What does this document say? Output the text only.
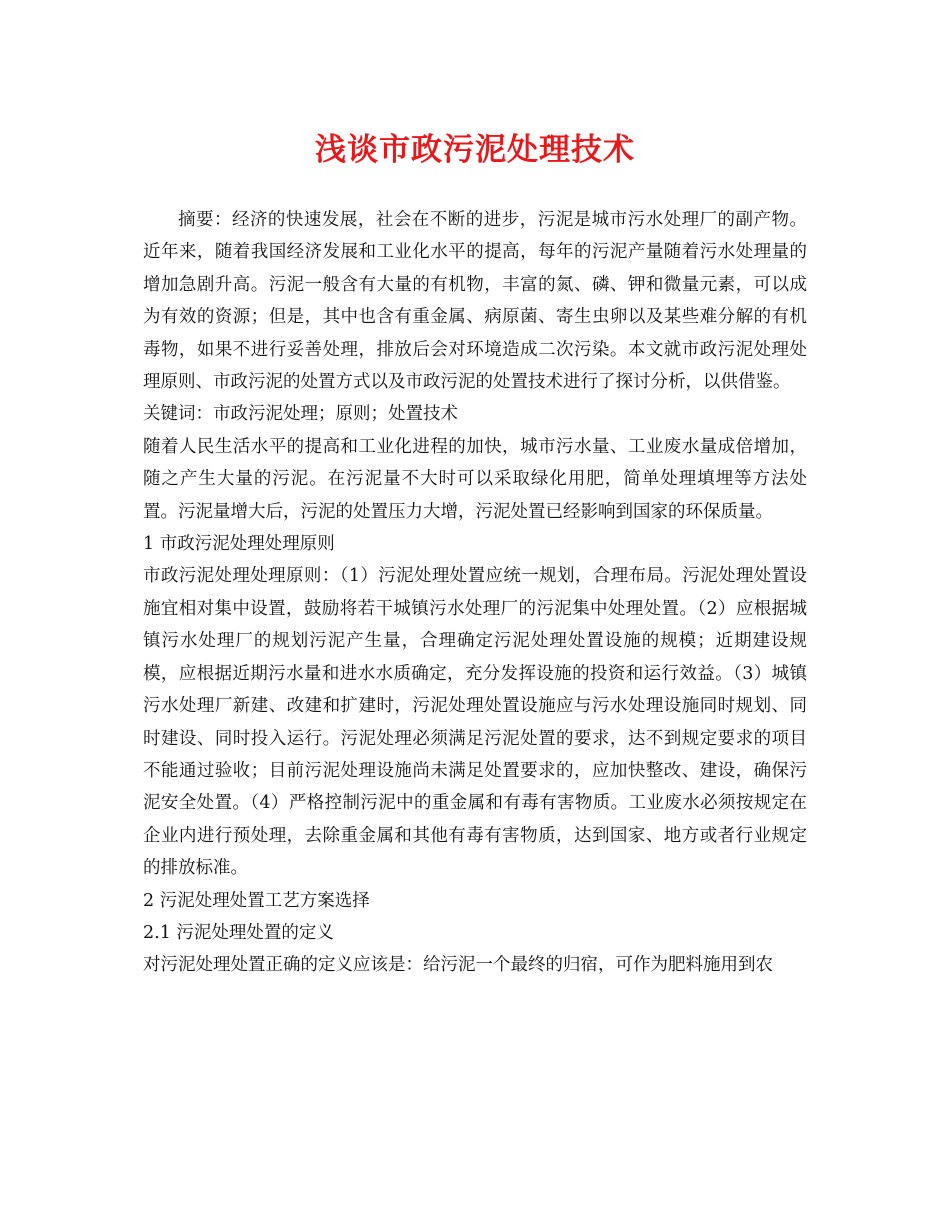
浅谈市政污泥处理技术

摘要：经济的快速发展，社会在不断的进步，污泥是城市污水处理厂的副产物。近年来，随着我国经济发展和工业化水平的提高，每年的污泥产量随着污水处理量的增加急剧升高。污泥一般含有大量的有机物，丰富的氮、磷、钾和微量元素，可以成为有效的资源；但是，其中也含有重金属、病原菌、寄生虫卵以及某些难分解的有机毒物，如果不进行妥善处理，排放后会对环境造成二次污染。本文就市政污泥处理处理原则、市政污泥的处置方式以及市政污泥的处置技术进行了探讨分析，以供借鉴。

关键词：市政污泥处理；原则；处置技术

随着人民生活水平的提高和工业化进程的加快，城市污水量、工业废水量成倍增加，随之产生大量的污泥。在污泥量不大时可以采取绿化用肥，简单处理填埋等方法处置。污泥量增大后，污泥的处置压力大增，污泥处置已经影响到国家的环保质量。

1 市政污泥处理处理原则

市政污泥处理处理原则：（1）污泥处理处置应统一规划，合理布局。污泥处理处置设施宜相对集中设置，鼓励将若干城镇污水处理厂的污泥集中处理处置。（2）应根据城镇污水处理厂的规划污泥产生量，合理确定污泥处理处置设施的规模；近期建设规模，应根据近期污水量和进水水质确定，充分发挥设施的投资和运行效益。（3）城镇污水处理厂新建、改建和扩建时，污泥处理处置设施应与污水处理设施同时规划、同时建设、同时投入运行。污泥处理必须满足污泥处置的要求，达不到规定要求的项目不能通过验收；目前污泥处理设施尚未满足处置要求的，应加快整改、建设，确保污泥安全处置。（4）严格控制污泥中的重金属和有毒有害物质。工业废水必须按规定在企业内进行预处理，去除重金属和其他有毒有害物质，达到国家、地方或者行业规定的排放标准。

2 污泥处理处置工艺方案选择

2.1 污泥处理处置的定义

对污泥处理处置正确的定义应该是：给污泥一个最终的归宿，可作为肥料施用到农
